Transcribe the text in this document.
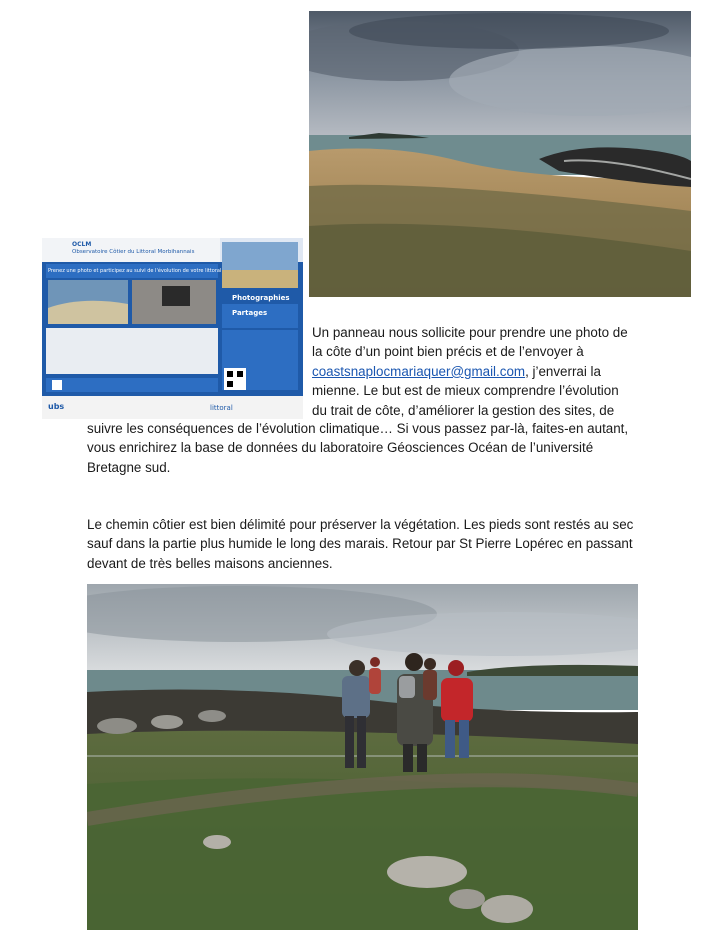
OCLM
Observatoire Côtier du Littoral Morbihannais
Prenez une photo et participez au suivi de l'évolution de votre littoral
Photographies
Partages
ubs	littoral
Un panneau nous sollicite pour prendre une photo de
la côte d’un point bien précis et de l’envoyer à
coastsnaplocmariaquer@gmail.com, j’enverrai la
mienne. Le but est de mieux comprendre l’évolution
du trait de côte, d’améliorer la gestion des sites, de
suivre les conséquences de l’évolution climatique… Si vous passez par-là, faites-en autant,
vous enrichirez la base de données du laboratoire Géosciences Océan de l’université
Bretagne sud.
Le chemin côtier est bien délimité pour préserver la végétation. Les pieds sont restés au sec
sauf dans la partie plus humide le long des marais. Retour par St Pierre Lopérec en passant
devant de très belles maisons anciennes.
